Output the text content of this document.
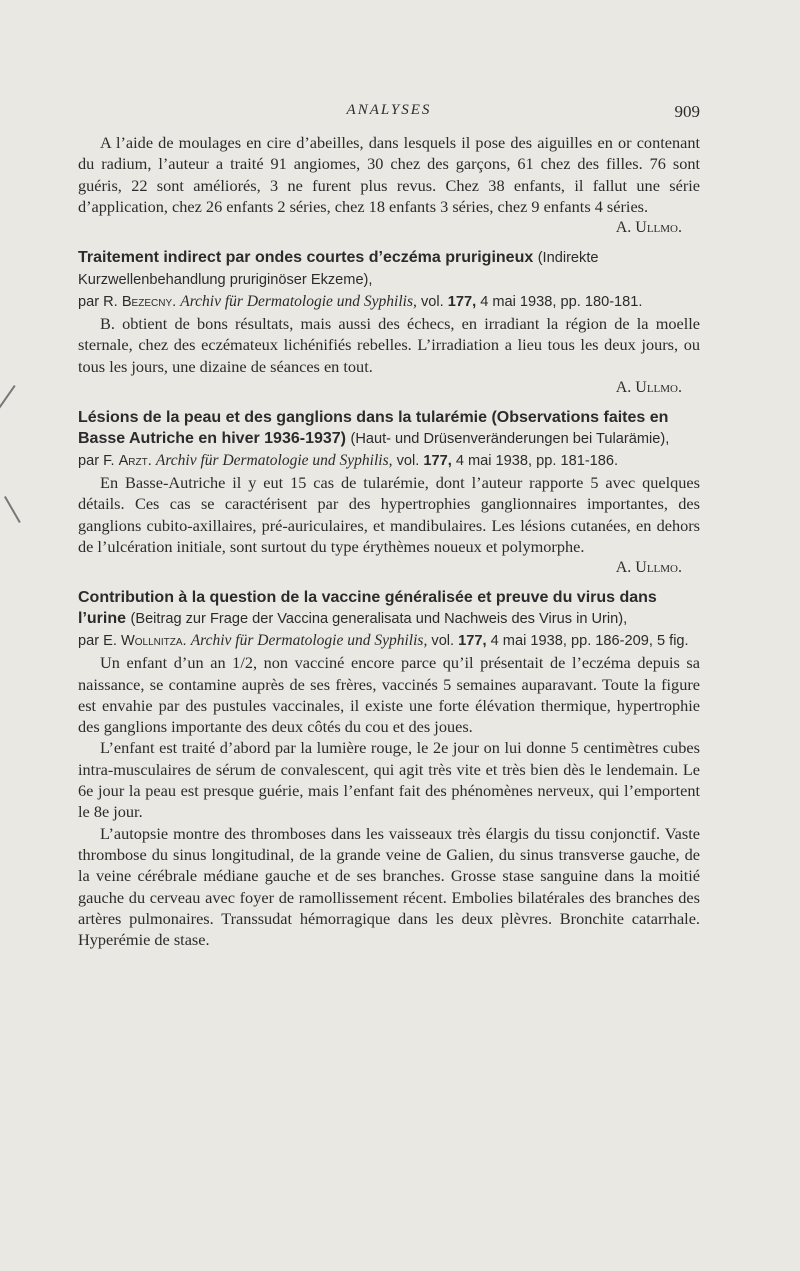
ANALYSES	909

A l’aide de moulages en cire d’abeilles, dans lesquels il pose des aiguilles en or contenant du radium, l’auteur a traité 91 angiomes, 30 chez des garçons, 61 chez des filles. 76 sont guéris, 22 sont améliorés, 3 ne furent plus revus. Chez 38 enfants, il fallut une série d’application, chez 26 enfants 2 séries, chez 18 enfants 3 séries, chez 9 enfants 4 séries.

A. Ullmo.
Traitement indirect par ondes courtes d’eczéma prurigineux (Indirekte Kurzwellenbehandlung pruriginöser Ekzeme),
par R. Bezecny. Archiv für Dermatologie und Syphilis, vol. 177, 4 mai 1938, pp. 180-181.

B. obtient de bons résultats, mais aussi des échecs, en irradiant la région de la moelle sternale, chez des eczémateux lichénifiés rebelles. L’irradiation a lieu tous les deux jours, ou tous les jours, une dizaine de séances en tout.

A. Ullmo.
Lésions de la peau et des ganglions dans la tularémie (Observations faites en Basse Autriche en hiver 1936-1937) (Haut- und Drüsenveränderungen bei Tularämie),
par F. Arzt. Archiv für Dermatologie und Syphilis, vol. 177, 4 mai 1938, pp. 181-186.

En Basse-Autriche il y eut 15 cas de tularémie, dont l’auteur rapporte 5 avec quelques détails. Ces cas se caractérisent par des hypertrophies ganglionnaires importantes, des ganglions cubito-axillaires, pré-auriculaires, et mandibulaires. Les lésions cutanées, en dehors de l’ulcération initiale, sont surtout du type érythèmes noueux et polymorphe.

A. Ullmo.
Contribution à la question de la vaccine généralisée et preuve du virus dans l’urine (Beitrag zur Frage der Vaccina generalisata und Nachweis des Virus in Urin),
par E. Wollnitza. Archiv für Dermatologie und Syphilis, vol. 177, 4 mai 1938, pp. 186-209, 5 fig.

Un enfant d’un an 1/2, non vacciné encore parce qu’il présentait de l’eczéma depuis sa naissance, se contamine auprès de ses frères, vaccinés 5 semaines auparavant. Toute la figure est envahie par des pustules vaccinales, il existe une forte élévation thermique, hypertrophie des ganglions importante des deux côtés du cou et des joues.

L’enfant est traité d’abord par la lumière rouge, le 2e jour on lui donne 5 centimètres cubes intra-musculaires de sérum de convalescent, qui agit très vite et très bien dès le lendemain. Le 6e jour la peau est presque guérie, mais l’enfant fait des phénomènes nerveux, qui l’emportent le 8e jour.

L’autopsie montre des thromboses dans les vaisseaux très élargis du tissu conjonctif. Vaste thrombose du sinus longitudinal, de la grande veine de Galien, du sinus transverse gauche, de la veine cérébrale médiane gauche et de ses branches. Grosse stase sanguine dans la moitié gauche du cerveau avec foyer de ramollissement récent. Embolies bilatérales des branches des artères pulmonaires. Transsudat hémorragique dans les deux plèvres. Bronchite catarrhale. Hyperémie de stase.
